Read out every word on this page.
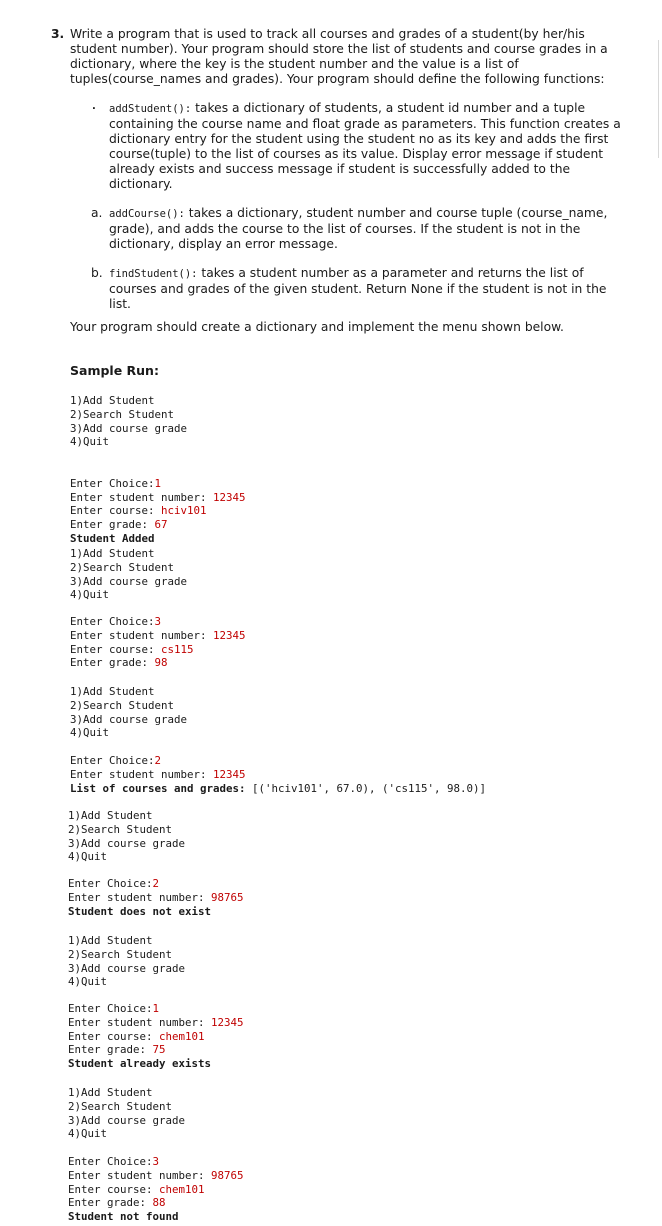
3. Write a program that is used to track all courses and grades of a student(by her/his student number). Your program should store the list of students and course grades in a dictionary, where the key is the student number and the value is a list of tuples(course_names and grades). Your program should define the following functions:
. addStudent(): takes a dictionary of students, a student id number and a tuple containing the course name and float grade as parameters. This function creates a dictionary entry for the student using the student no as its key and adds the first course(tuple) to the list of courses as its value. Display error message if student already exists and success message if student is successfully added to the dictionary.
a. addCourse(): takes a dictionary, student number and course tuple (course_name, grade), and adds the course to the list of courses. If the student is not in the dictionary, display an error message.
b. findStudent(): takes a student number as a parameter and returns the list of courses and grades of the given student. Return None if the student is not in the list.
Your program should create a dictionary and implement the menu shown below.
Sample Run:
1)Add Student
2)Search Student
3)Add course grade
4)Quit

Enter Choice:1
Enter student number: 12345
Enter course: hciv101
Enter grade: 67
Student Added
1)Add Student
2)Search Student
3)Add course grade
4)Quit
Enter Choice:3
Enter student number: 12345
Enter course: cs115
Enter grade: 98
1)Add Student
2)Search Student
3)Add course grade
4)Quit
Enter Choice:2
Enter student number: 12345
List of courses and grades: [('hciv101', 67.0), ('cs115', 98.0)]
1)Add Student
2)Search Student
3)Add course grade
4)Quit
Enter Choice:2
Enter student number: 98765
Student does not exist
1)Add Student
2)Search Student
3)Add course grade
4)Quit
Enter Choice:1
Enter student number: 12345
Enter course: chem101
Enter grade: 75
Student already exists
1)Add Student
2)Search Student
3)Add course grade
4)Quit
Enter Choice:3
Enter student number: 98765
Enter course: chem101
Enter grade: 88
Student not found
